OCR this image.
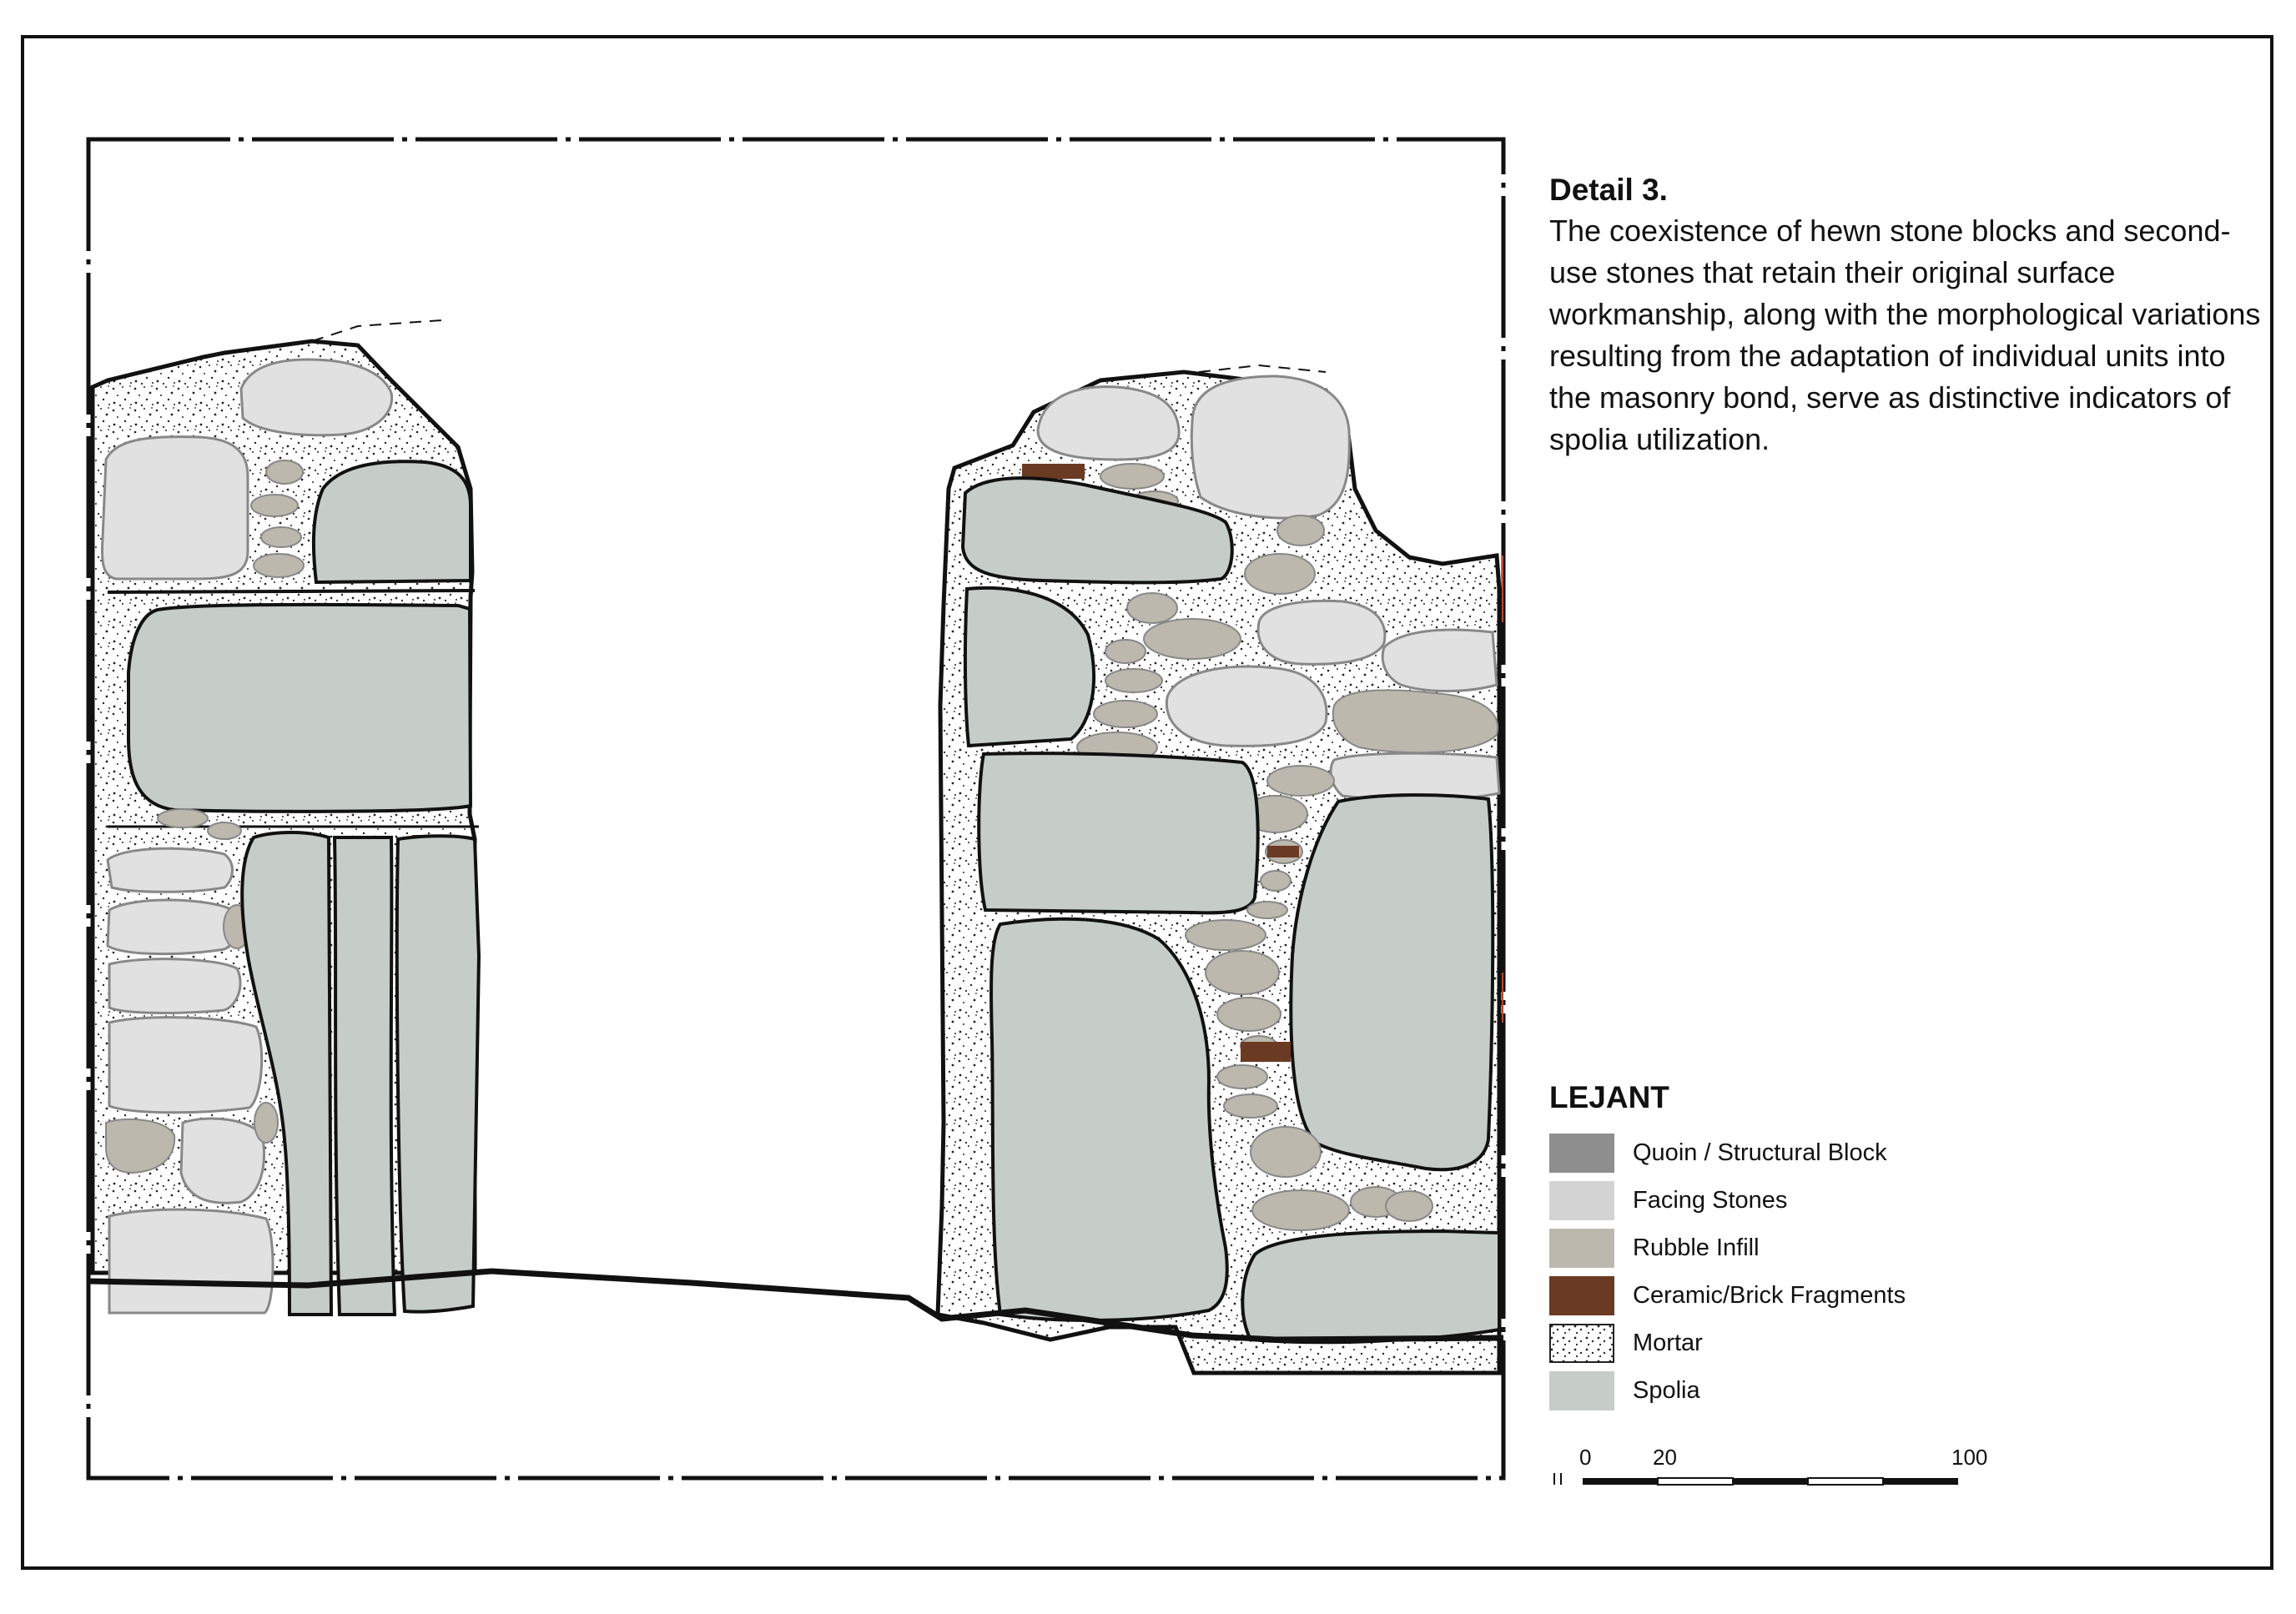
Detail 3.
The coexistence of hewn stone blocks and second-use stones that retain their original surface workmanship, along with the morphological variations resulting from the adaptation of individual units into the masonry bond, serve as distinctive indicators of spolia utilization.
LEJANT
Quoin / Structural Block
Facing Stones
Rubble Infill
Ceramic/Brick Fragments
Mortar
Spolia
0	20	100
